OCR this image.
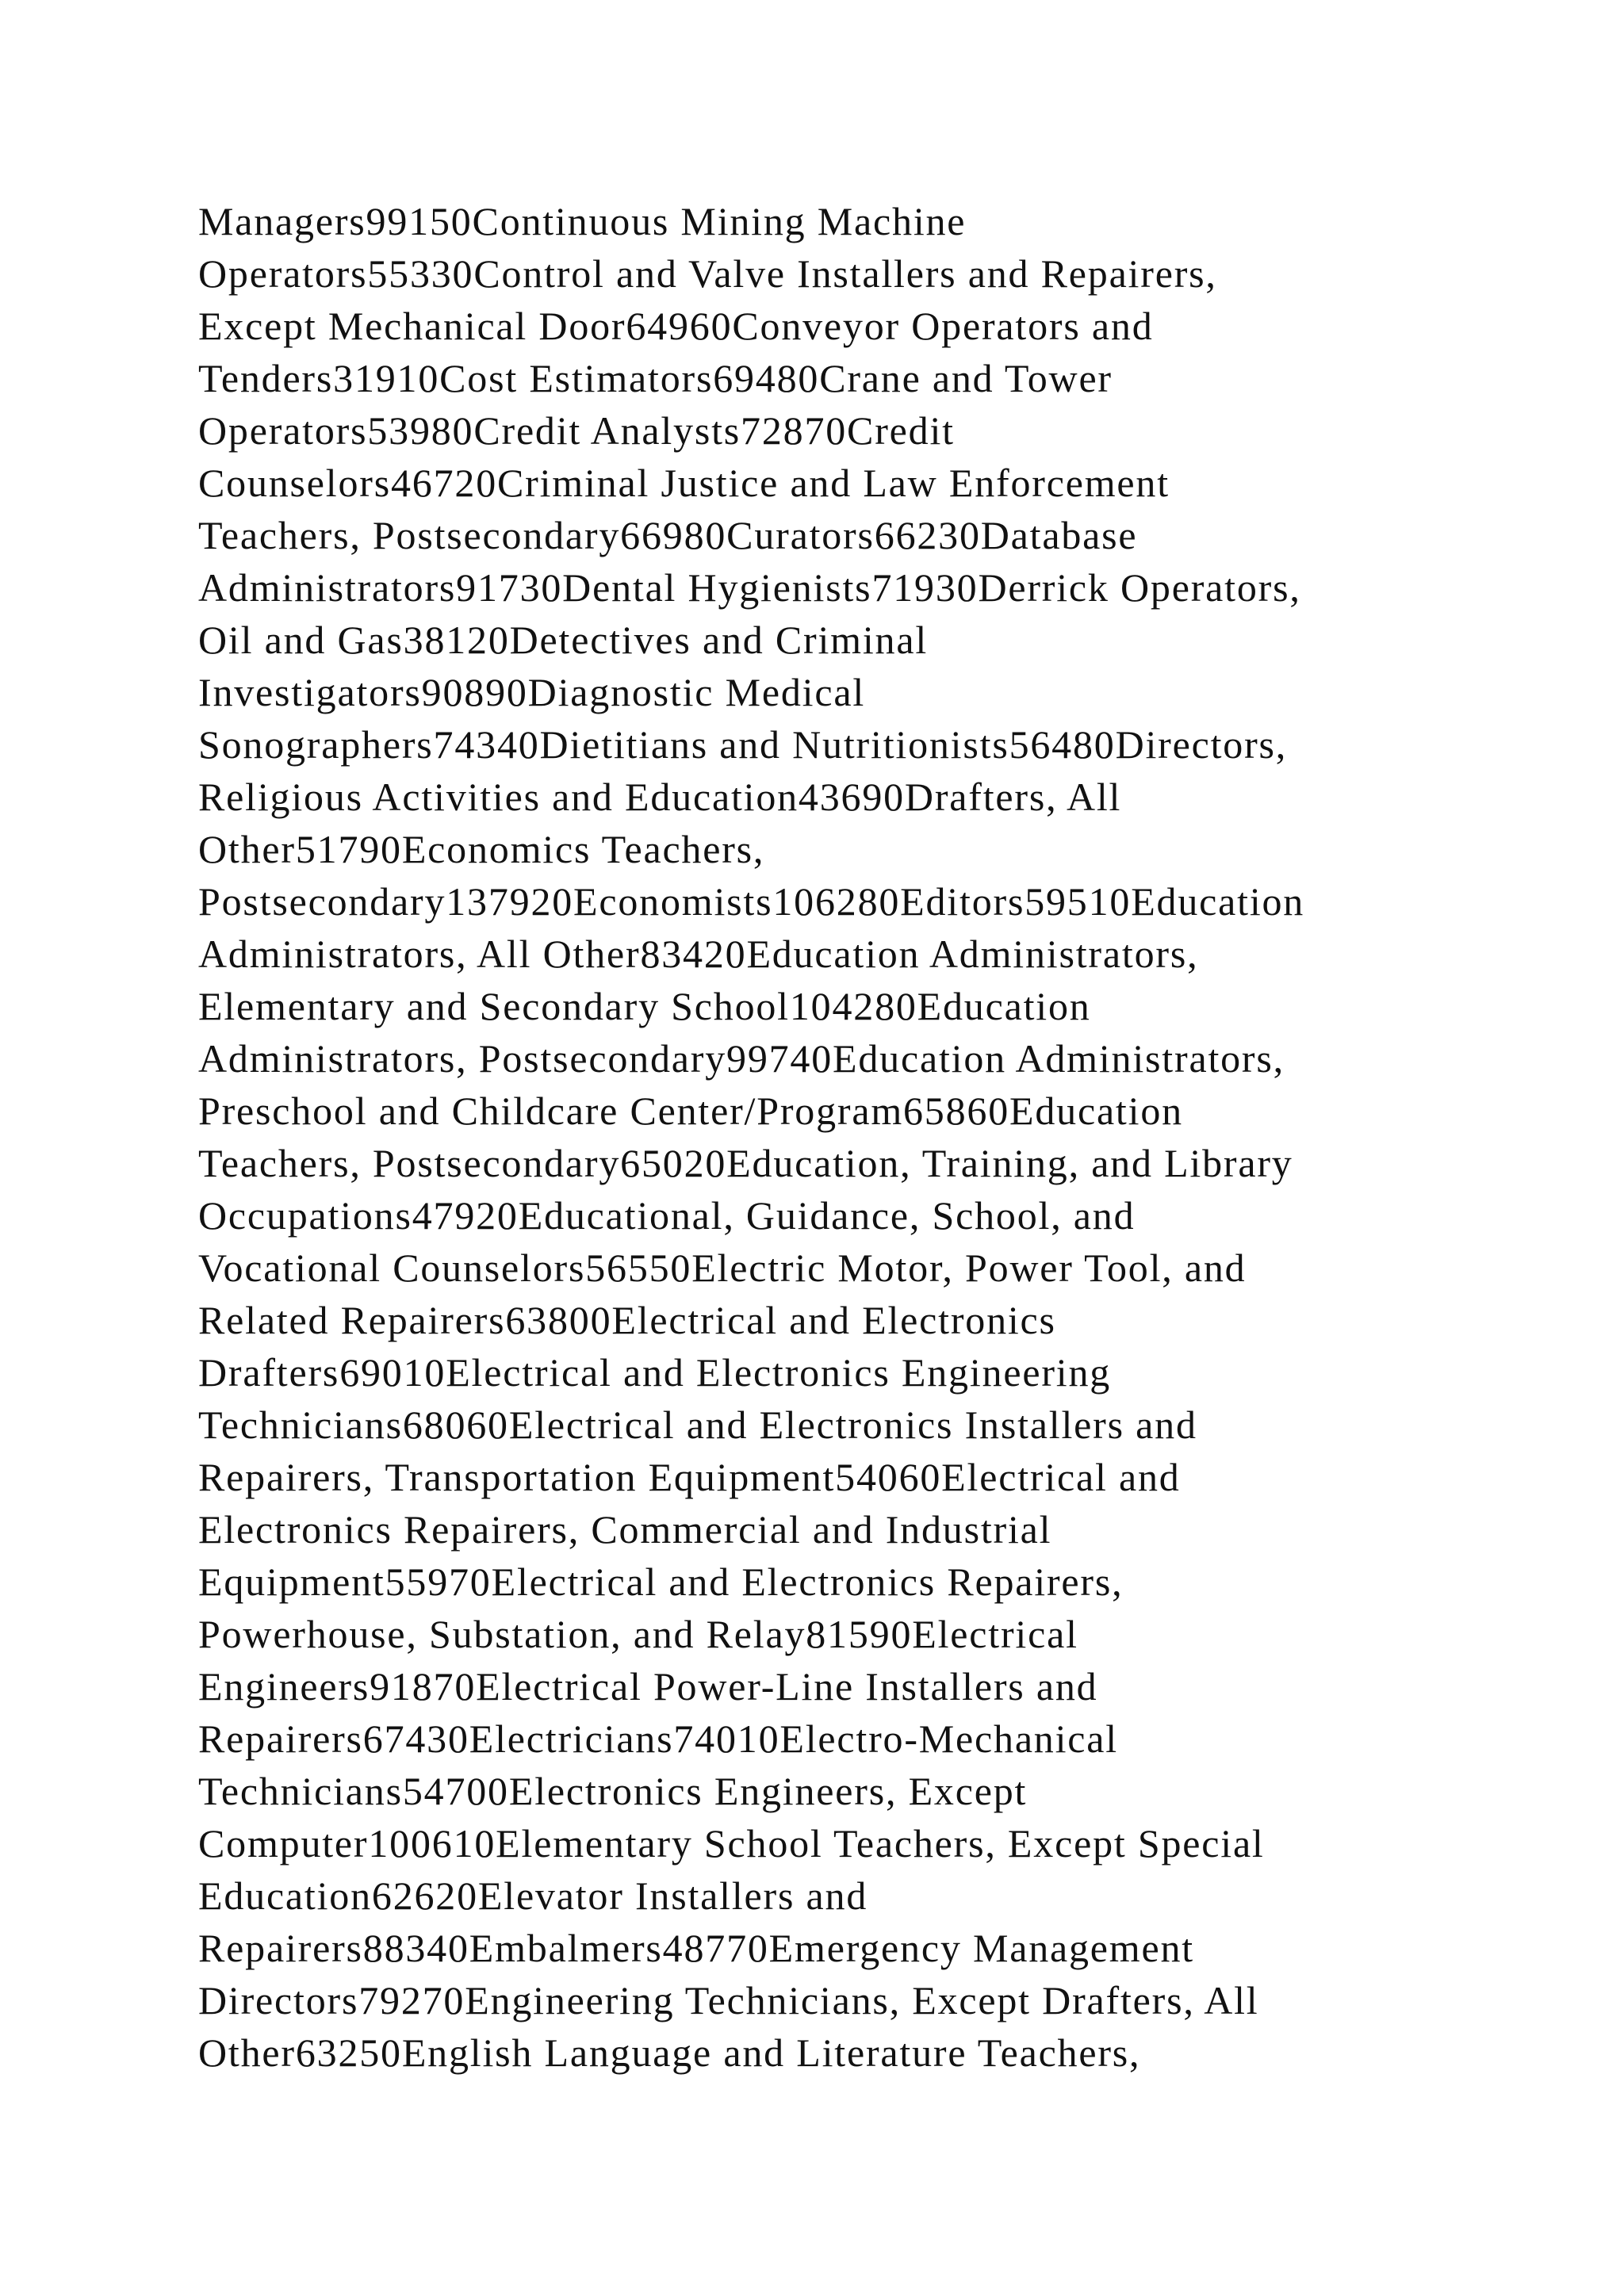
Managers99150Continuous Mining Machine
Operators55330Control and Valve Installers and Repairers,
Except Mechanical Door64960Conveyor Operators and
Tenders31910Cost Estimators69480Crane and Tower
Operators53980Credit Analysts72870Credit
Counselors46720Criminal Justice and Law Enforcement
Teachers, Postsecondary66980Curators66230Database
Administrators91730Dental Hygienists71930Derrick Operators,
Oil and Gas38120Detectives and Criminal
Investigators90890Diagnostic Medical
Sonographers74340Dietitians and Nutritionists56480Directors,
Religious Activities and Education43690Drafters, All
Other51790Economics Teachers,
Postsecondary137920Economists106280Editors59510Education
Administrators, All Other83420Education Administrators,
Elementary and Secondary School104280Education
Administrators, Postsecondary99740Education Administrators,
Preschool and Childcare Center/Program65860Education
Teachers, Postsecondary65020Education, Training, and Library
Occupations47920Educational, Guidance, School, and
Vocational Counselors56550Electric Motor, Power Tool, and
Related Repairers63800Electrical and Electronics
Drafters69010Electrical and Electronics Engineering
Technicians68060Electrical and Electronics Installers and
Repairers, Transportation Equipment54060Electrical and
Electronics Repairers, Commercial and Industrial
Equipment55970Electrical and Electronics Repairers,
Powerhouse, Substation, and Relay81590Electrical
Engineers91870Electrical Power-Line Installers and
Repairers67430Electricians74010Electro-Mechanical
Technicians54700Electronics Engineers, Except
Computer100610Elementary School Teachers, Except Special
Education62620Elevator Installers and
Repairers88340Embalmers48770Emergency Management
Directors79270Engineering Technicians, Except Drafters, All
Other63250English Language and Literature Teachers,
